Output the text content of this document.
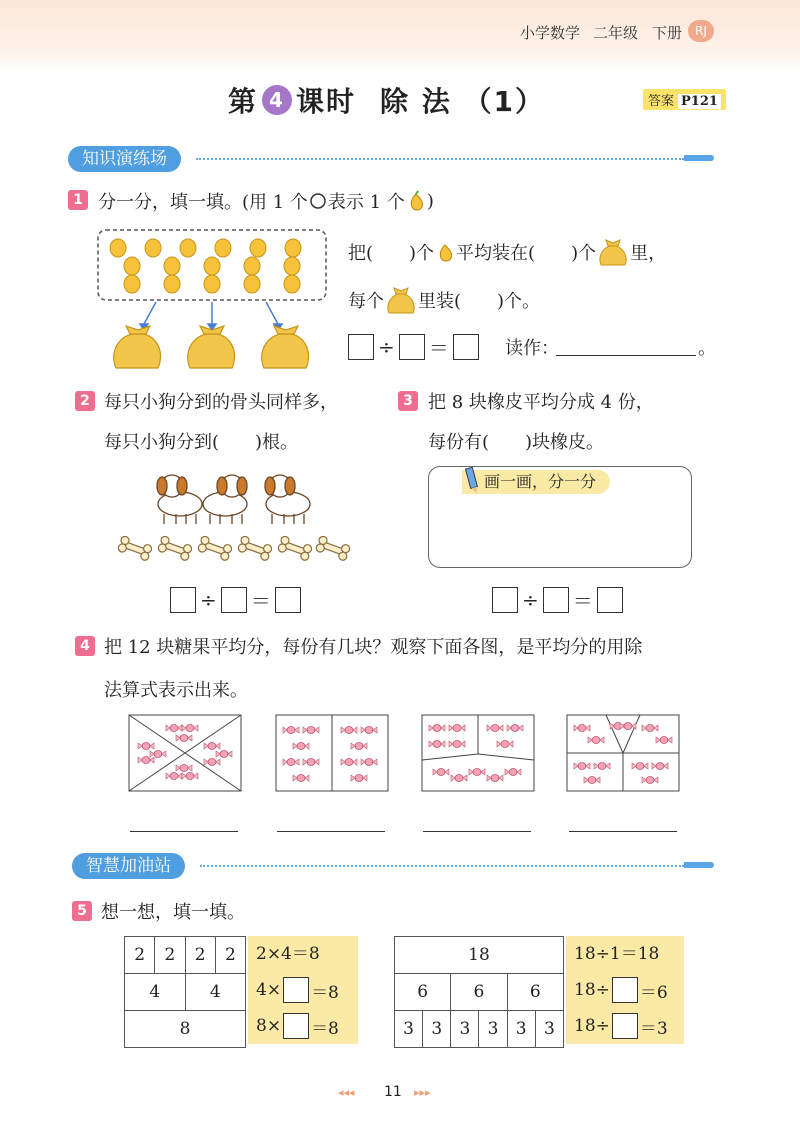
小学数学 二年级 下册	RJ
第 4 课时 除 法 （1）	答案 P121
知识演练场
1 分一分，填一填。(用 1 个 表示 1 个 )
把(　　)个 平均装在(　　)个 里，
每个 里装(　　)个。
÷ ＝	读作：	。
2 每只小狗分到的骨头同样多，
每只小狗分到(　　)根。
÷ ＝
3 把 8 块橡皮平均分成 4 份，
每份有(　　)块橡皮。
画一画，分一分
÷ ＝
4 把 12 块糖果平均分，每份有几块？观察下面各图，是平均分的用除
法算式表示出来。
智慧加油站
5 想一想，填一填。
2	2	2	2
4		4	
8			
2×4＝8
4× ＝8
8× ＝8
18					
6		6		6	
3	3	3	3	3	3
18÷1＝18
18÷ ＝6
18÷ ＝3
◂◂◂ 11 ▸▸▸
